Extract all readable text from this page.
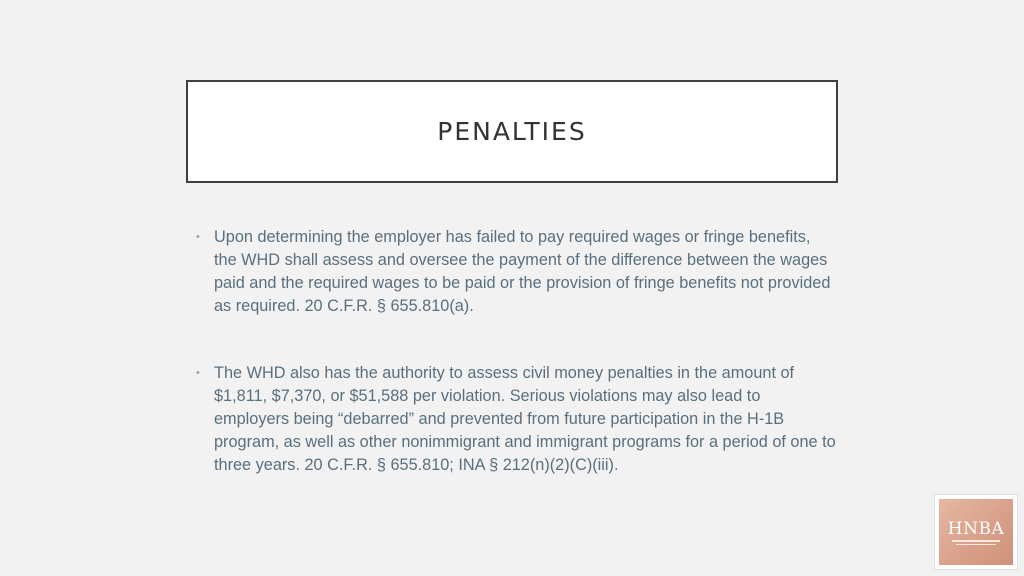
PENALTIES
• Upon determining the employer has failed to pay required wages or fringe benefits, the WHD shall assess and oversee the payment of the difference between the wages paid and the required wages to be paid or the provision of fringe benefits not provided as required. 20 C.F.R. § 655.810(a).
• The WHD also has the authority to assess civil money penalties in the amount of $1,811, $7,370, or $51,588 per violation. Serious violations may also lead to employers being “debarred” and prevented from future participation in the H-1B program, as well as other nonimmigrant and immigrant programs for a period of one to three years. 20 C.F.R. § 655.810; INA § 212(n)(2)(C)(iii).
HNBA
